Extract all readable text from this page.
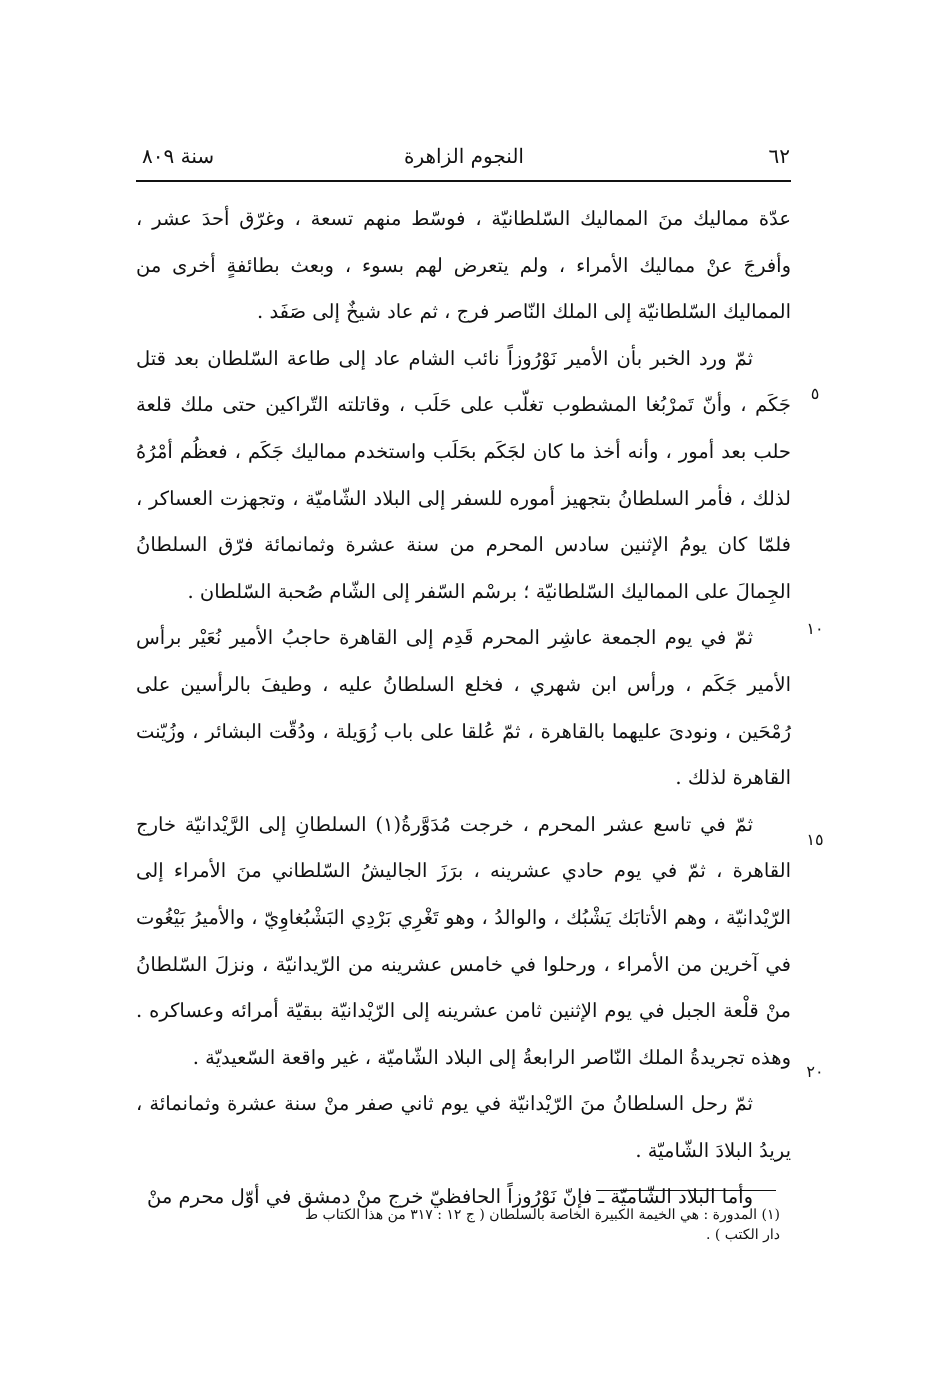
٦٢
النجوم الزاهرة
سنة ٨٠٩
٥
١٠
١٥
٢٠

عدّة مماليك منَ المماليك السّلطانيّة ، فوسّط منهم تسعة ، وغرّق أحدَ عشر ، وأفرجَ عنْ مماليك الأمراء ، ولم يتعرض لهم بسوء ، وبعث بطائفةٍ أخرى من المماليك السّلطانيّة إلى الملك النّاصر فرج ، ثم عاد شيخٌ إلى صَفَد .

ثمّ ورد الخبر بأن الأمير نَوْرُوزاً نائب الشام عاد إلى طاعة السّلطان بعد قتل جَكَم ، وأنّ تَمرْبُغا المشطوب تغلّب على حَلَب ، وقاتلته التّراكين حتى ملك قلعة حلب بعد أمور ، وأنه أخذ ما كان لجَكَم بحَلَب واستخدم مماليك جَكَم ، فعظُم أمْرُهُ لذلك ، فأمر السلطانُ بتجهيز أموره للسفر إلى البلاد الشّاميّة ، وتجهزت العساكر ، فلمّا كان يومُ الإثنين سادس المحرم من سنة عشرة وثمانمائة فرّق السلطانُ الجِمالَ على المماليك السّلطانيّة ؛ برسْم السّفر إلى الشّام صُحبة السّلطان .

ثمّ في يوم الجمعة عاشِر المحرم قَدِم إلى القاهرة حاجبُ الأمير نُعَيْر برأس الأمير جَكَم ، ورأس ابن شهري ، فخلع السلطانُ عليه ، وطيفَ بالرأسين على رُمْحَين ، ونودىَ عليهما بالقاهرة ، ثمّ عُلقا على باب زُوَيلة ، ودُقّت البشائر ، وزُيّنت القاهرة لذلك .

ثمّ في تاسع عشر المحرم ، خرجت مُدَوَّرةُ(١) السلطانِ إلى الرَّيْدانيّة خارج القاهرة ، ثمّ في يوم حادي عشرينه ، برَزَ الجاليشُ السّلطاني منَ الأمراء إلى الرّيْدانيّة ، وهم الأتابَك يَشْبُك ، والوالدُ ، وهو تَغْرِي بَرْدِي البَشْبُغاوِيّ ، والأميرُ بَيْغُوت في آخرين من الأمراء ، ورحلوا في خامس عشرينه من الرّيدانيّة ، ونزلَ السّلطانُ منْ قلْعة الجبل في يوم الإثنين ثامن عشرينه إلى الرّيْدانيّة ببقيّة أمرائه وعساكره . وهذه تجريدةُ الملك النّاصر الرابعةُ إلى البلاد الشّاميّة ، غير واقعة السّعيديّة .

ثمّ رحل السلطانُ منَ الرّيْدانيّة في يوم ثاني صفر منْ سنة عشرة وثمانمائة ، يريدُ البلادَ الشّاميّة .

وأما البلاد الشّاميّة ـ فإنّ نَوْرُوزاً الحافظيّ خرج منْ دمشق في أوّل محرم منْ

(١) المدورة : هي الخيمة الكبيرة الخاصة بالسلطان ( ج ١٢ : ٣١٧ من هذا الكتاب ط دار الكتب ) .
